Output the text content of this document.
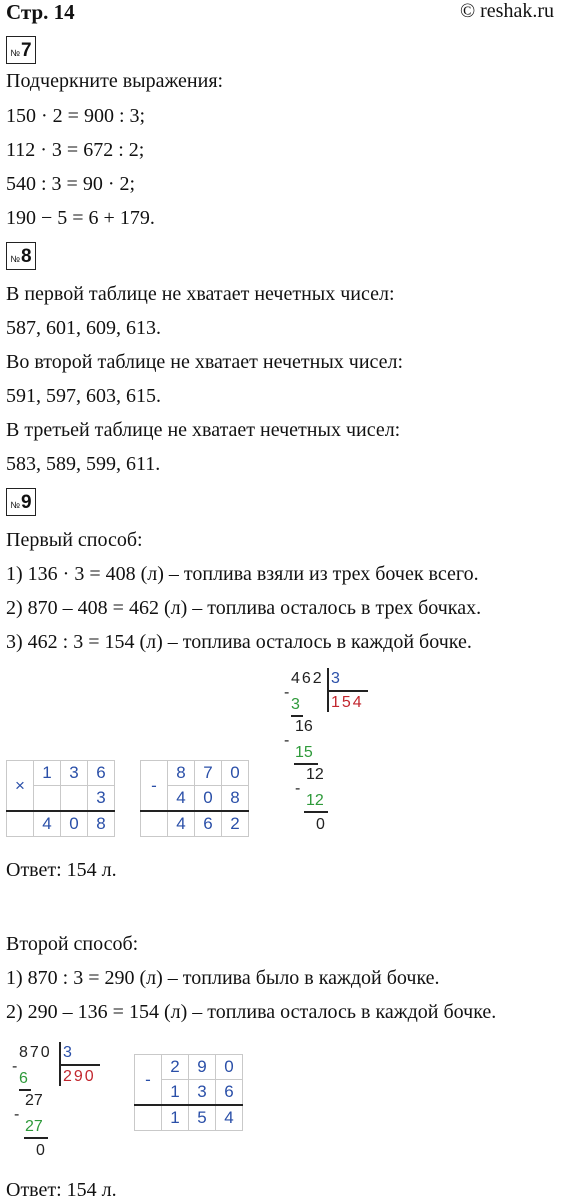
Стр. 14	© reshak.ru
№ 7
Подчеркните выражения:
150 · 2 = 900 : 3;
112 · 3 = 672 : 2;
540 : 3 = 90 · 2;
190 − 5 = 6 + 179.
№ 8
В первой таблице не хватает нечетных чисел:
587, 601, 609, 613.
Во второй таблице не хватает нечетных чисел:
591, 597, 603, 615.
В третьей таблице не хватает нечетных чисел:
583, 589, 599, 611.
№ 9
Первый способ:
1) 136 · 3 = 408 (л) – топлива взяли из трех бочек всего.
2) 870 – 408 = 462 (л) – топлива осталось в трех бочках.
3) 462 : 3 = 154 (л) – топлива осталось в каждой бочке.
462 3
154
-
3
16
-
15
12
-
12
0
×	1	3	6
			3
	4	0	8
-	8	7	0
	4	0	8
	4	6	2
Ответ: 154 л.
Второй способ:
1) 870 : 3 = 290 (л) – топлива было в каждой бочке.
2) 290 – 136 = 154 (л) – топлива осталось в каждой бочке.
870 3
290
-
6
27
-
27
0
-	2	9	0
	1	3	6
	1	5	4
Ответ: 154 л.
